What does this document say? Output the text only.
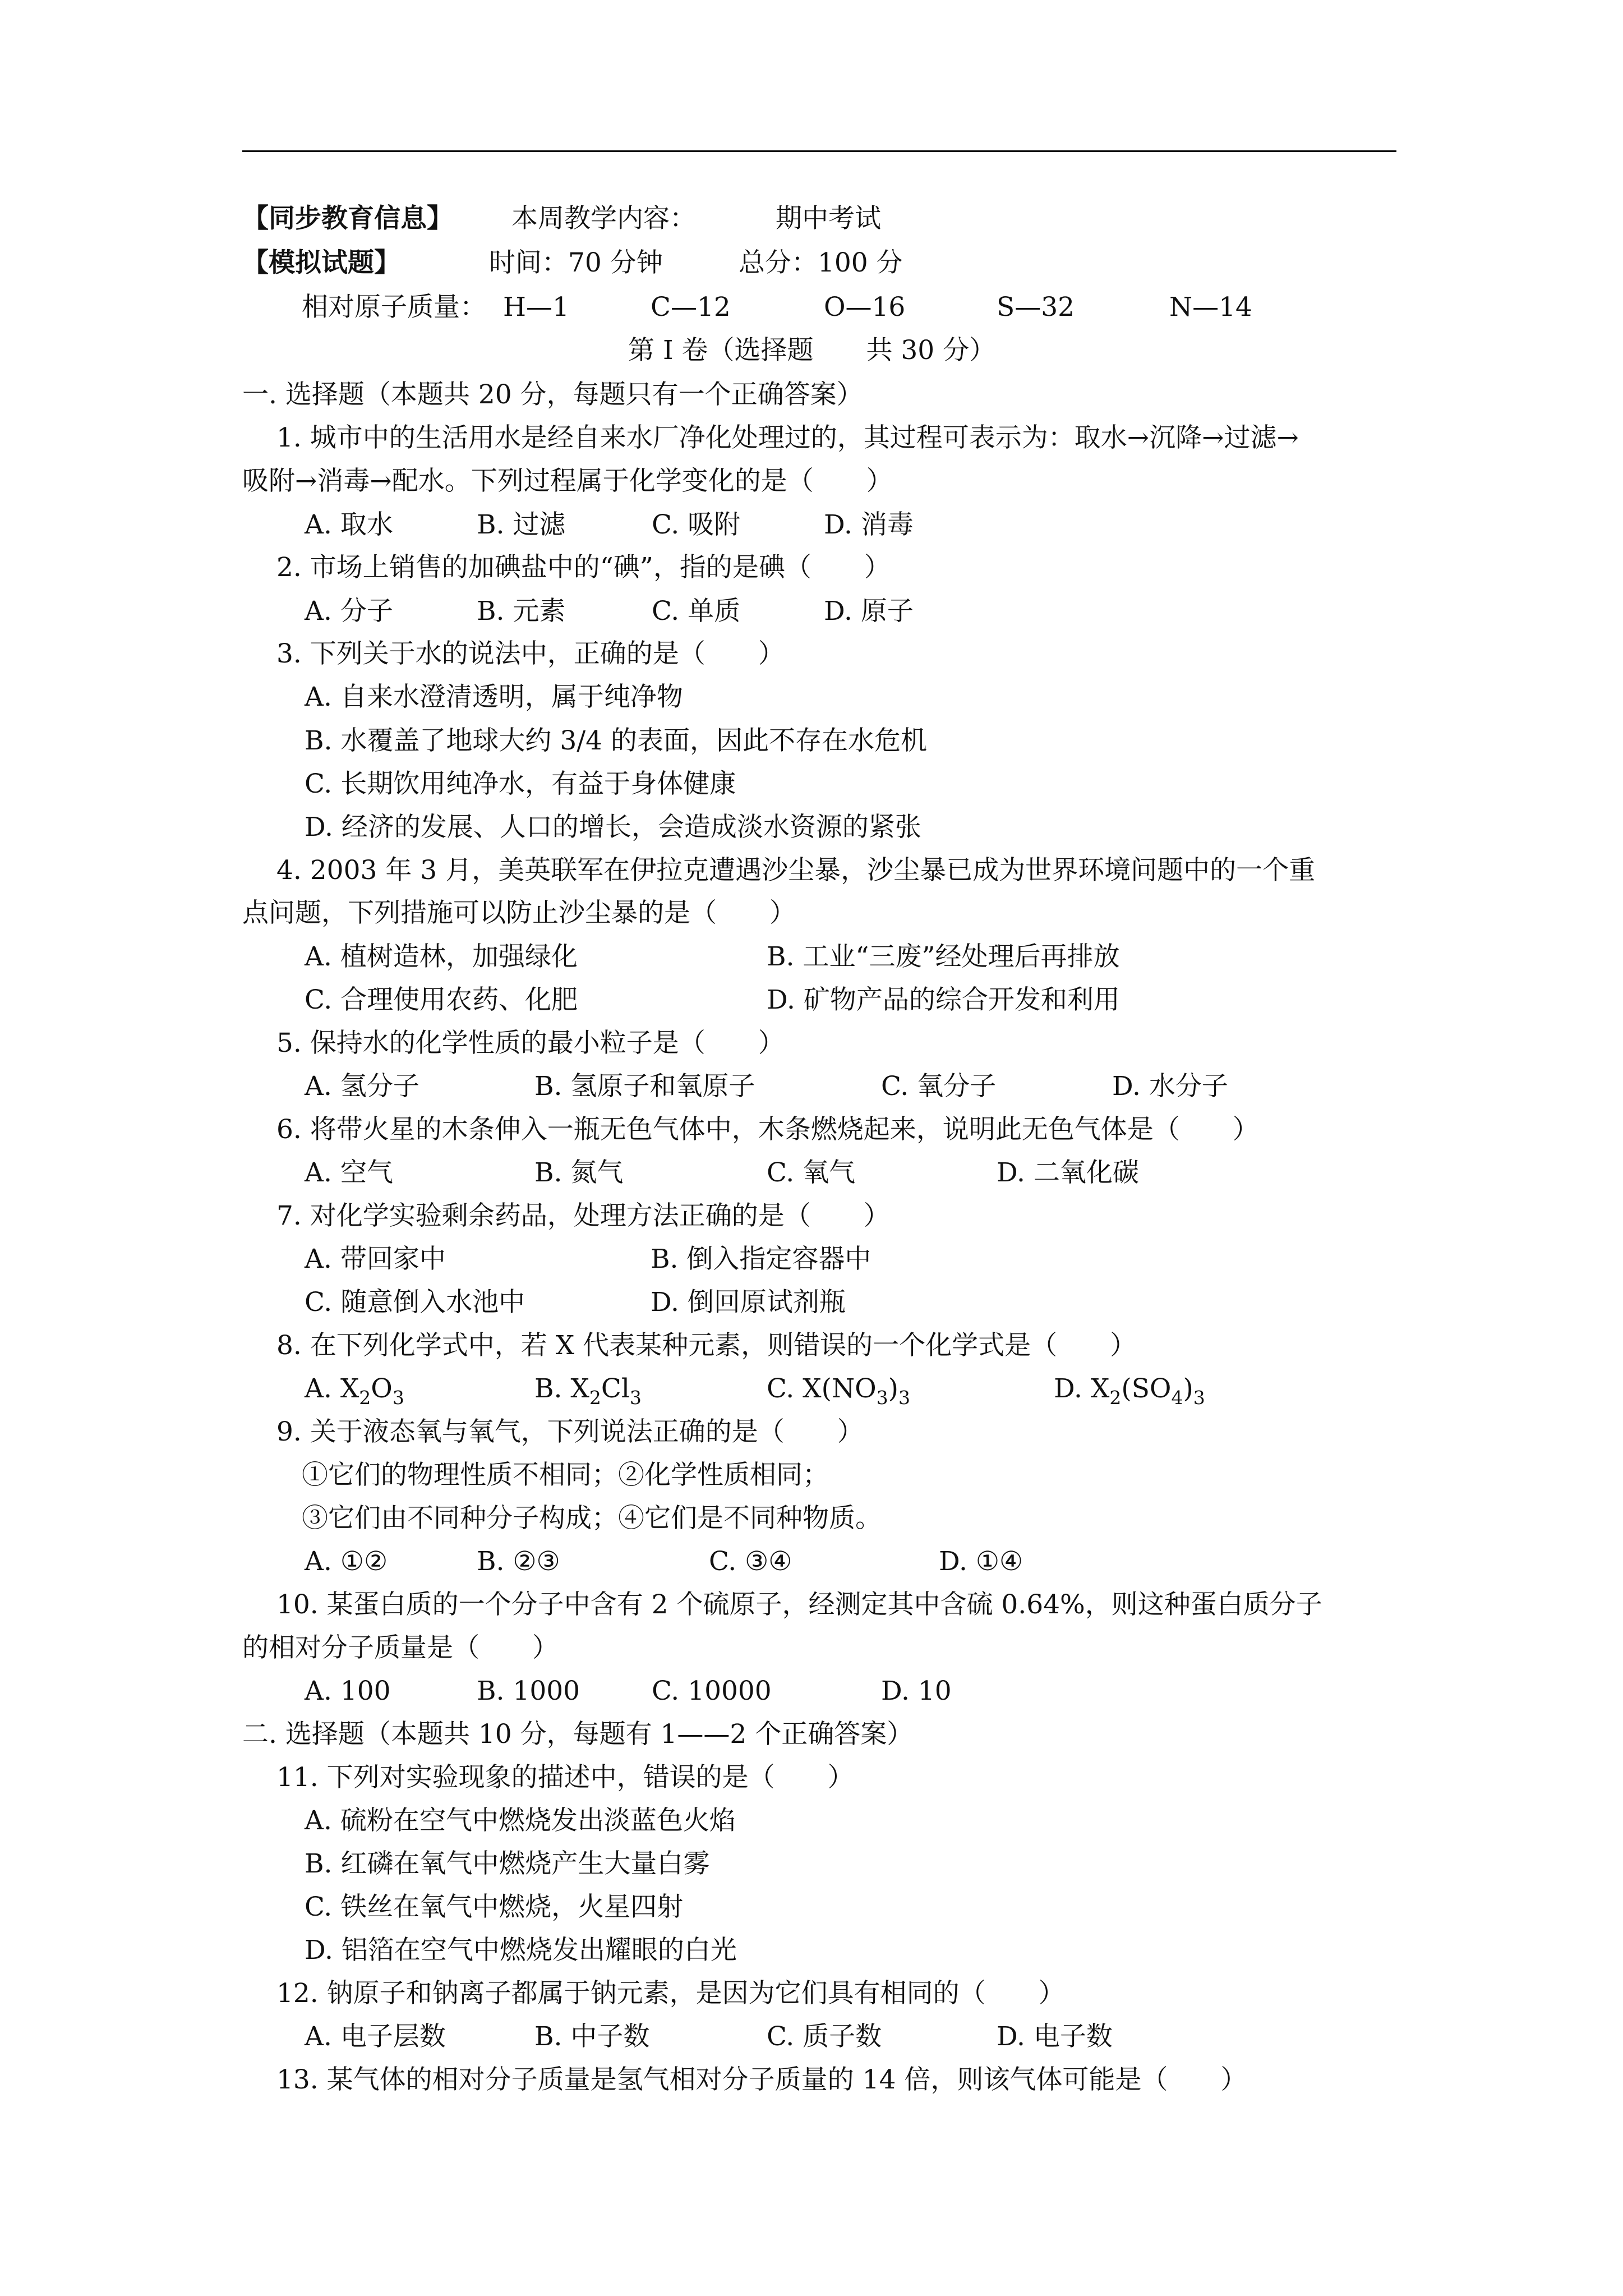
【同步教育信息】 本周教学内容：	期中考试
【模拟试题】	时间：70 分钟	总分：100 分
相对原子质量： H—1	C—12	O—16	S—32	N—14
第 I 卷（选择题　　共 30 分）
一. 选择题（本题共 20 分，每题只有一个正确答案）
1. 城市中的生活用水是经自来水厂净化处理过的，其过程可表示为：取水→沉降→过滤→
吸附→消毒→配水。下列过程属于化学变化的是（　　）
A. 取水	B. 过滤	C. 吸附	D. 消毒
2. 市场上销售的加碘盐中的“碘”，指的是碘（　　）
A. 分子	B. 元素	C. 单质	D. 原子
3. 下列关于水的说法中，正确的是（　　）
A. 自来水澄清透明，属于纯净物
B. 水覆盖了地球大约 3/4 的表面，因此不存在水危机
C. 长期饮用纯净水，有益于身体健康
D. 经济的发展、人口的增长，会造成淡水资源的紧张
4. 2003 年 3 月，美英联军在伊拉克遭遇沙尘暴，沙尘暴已成为世界环境问题中的一个重
点问题，下列措施可以防止沙尘暴的是（　　）
A. 植树造林，加强绿化	B. 工业“三废”经处理后再排放
C. 合理使用农药、化肥	D. 矿物产品的综合开发和利用
5. 保持水的化学性质的最小粒子是（　　）
A. 氢分子	B. 氢原子和氧原子	C. 氧分子	D. 水分子
6. 将带火星的木条伸入一瓶无色气体中，木条燃烧起来，说明此无色气体是（　　）
A. 空气	B. 氮气	C. 氧气	D. 二氧化碳
7. 对化学实验剩余药品，处理方法正确的是（　　）
A. 带回家中	B. 倒入指定容器中
C. 随意倒入水池中	D. 倒回原试剂瓶
8. 在下列化学式中，若 X 代表某种元素，则错误的一个化学式是（　　）
A. $X_2O_3$	B. $X_2Cl_3$	C. $X(NO_3)_3$	D. $X_2(SO_4)_3$
9. 关于液态氧与氧气，下列说法正确的是（　　）
①它们的物理性质不相同；②化学性质相同；
③它们由不同种分子构成；④它们是不同种物质。
A. ①②	B. ②③	C. ③④	D. ①④
10. 某蛋白质的一个分子中含有 2 个硫原子，经测定其中含硫 0.64%，则这种蛋白质分子
的相对分子质量是（　　）
A. 100	B. 1000	C. 10000	D. 10
二. 选择题（本题共 10 分，每题有 1——2 个正确答案）
11. 下列对实验现象的描述中，错误的是（　　）
A. 硫粉在空气中燃烧发出淡蓝色火焰
B. 红磷在氧气中燃烧产生大量白雾
C. 铁丝在氧气中燃烧，火星四射
D. 铝箔在空气中燃烧发出耀眼的白光
12. 钠原子和钠离子都属于钠元素，是因为它们具有相同的（　　）
A. 电子层数	B. 中子数	C. 质子数	D. 电子数
13. 某气体的相对分子质量是氢气相对分子质量的 14 倍，则该气体可能是（　　）
